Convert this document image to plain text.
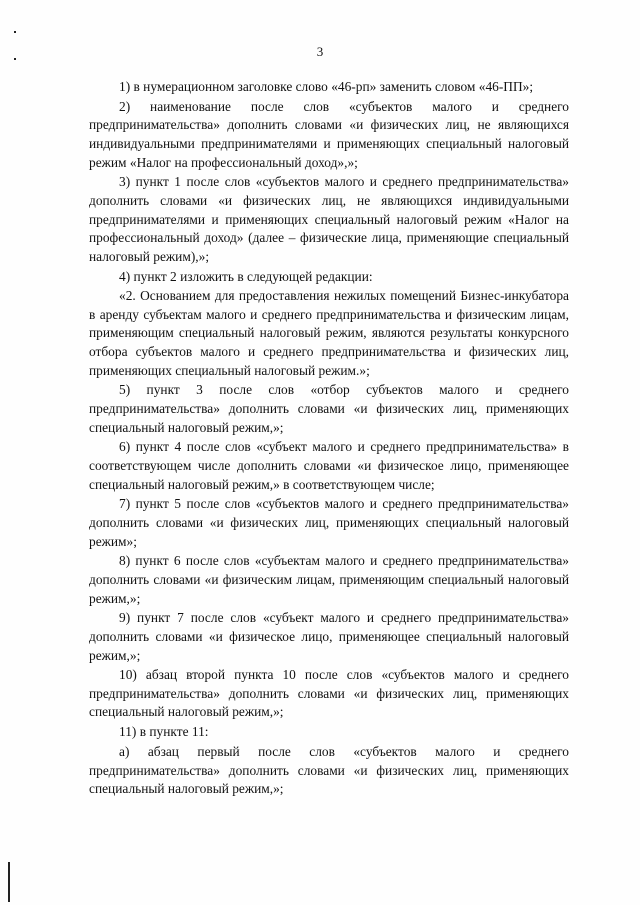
3

1) в нумерационном заголовке слово «46-рп» заменить словом «46-ПП»;

2) наименование после слов «субъектов малого и среднего предпринимательства» дополнить словами «и физических лиц, не являющихся индивидуальными предпринимателями и применяющих специальный налоговый режим «Налог на профессиональный доход»,»;

3) пункт 1 после слов «субъектов малого и среднего предпринимательства» дополнить словами «и физических лиц, не являющихся индивидуальными предпринимателями и применяющих специальный налоговый режим «Налог на профессиональный доход» (далее – физические лица, применяющие специальный налоговый режим),»;

4) пункт 2 изложить в следующей редакции:

«2. Основанием для предоставления нежилых помещений Бизнес-инкубатора в аренду субъектам малого и среднего предпринимательства и физическим лицам, применяющим специальный налоговый режим, являются результаты конкурсного отбора субъектов малого и среднего предпринимательства и физических лиц, применяющих специальный налоговый режим.»;

5) пункт 3 после слов «отбор субъектов малого и среднего предпринимательства» дополнить словами «и физических лиц, применяющих специальный налоговый режим,»;

6) пункт 4 после слов «субъект малого и среднего предпринимательства» в соответствующем числе дополнить словами «и физическое лицо, применяющее специальный налоговый режим,» в соответствующем числе;

7) пункт 5 после слов «субъектов малого и среднего предпринимательства» дополнить словами «и физических лиц, применяющих специальный налоговый режим»;

8) пункт 6 после слов «субъектам малого и среднего предпринимательства» дополнить словами «и физическим лицам, применяющим специальный налоговый режим,»;

9) пункт 7 после слов «субъект малого и среднего предпринимательства» дополнить словами «и физическое лицо, применяющее специальный налоговый режим,»;

10) абзац второй пункта 10 после слов «субъектов малого и среднего предпринимательства» дополнить словами «и физических лиц, применяющих специальный налоговый режим,»;

11) в пункте 11:

а) абзац первый после слов «субъектов малого и среднего предпринимательства» дополнить словами «и физических лиц, применяющих специальный налоговый режим,»;
